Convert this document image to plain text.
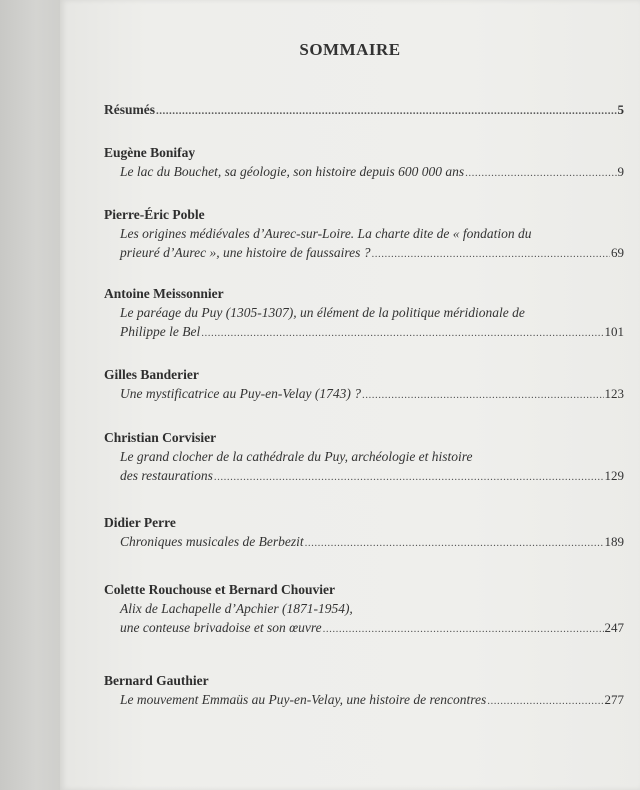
SOMMAIRE
Résumés .....	5
Eugène Bonifay
Le lac du Bouchet, sa géologie, son histoire depuis 600 000 ans .....	9
Pierre-Éric Poble
Les origines médiévales d’Aurec-sur-Loire. La charte dite de « fondation du
prieuré d’Aurec », une histoire de faussaires ? .....	69
Antoine Meissonnier
Le paréage du Puy (1305-1307), un élément de la politique méridionale de
Philippe le Bel .....	101
Gilles Banderier
Une mystificatrice au Puy-en-Velay (1743) ? .....	123
Christian Corvisier
Le grand clocher de la cathédrale du Puy, archéologie et histoire
des restaurations .....	129
Didier Perre
Chroniques musicales de Berbezit .....	189
Colette Rouchouse et Bernard Chouvier
Alix de Lachapelle d’Apchier (1871-1954),
une conteuse brivadoise et son œuvre .....	247
Bernard Gauthier
Le mouvement Emmaüs au Puy-en-Velay, une histoire de rencontres .....	277
